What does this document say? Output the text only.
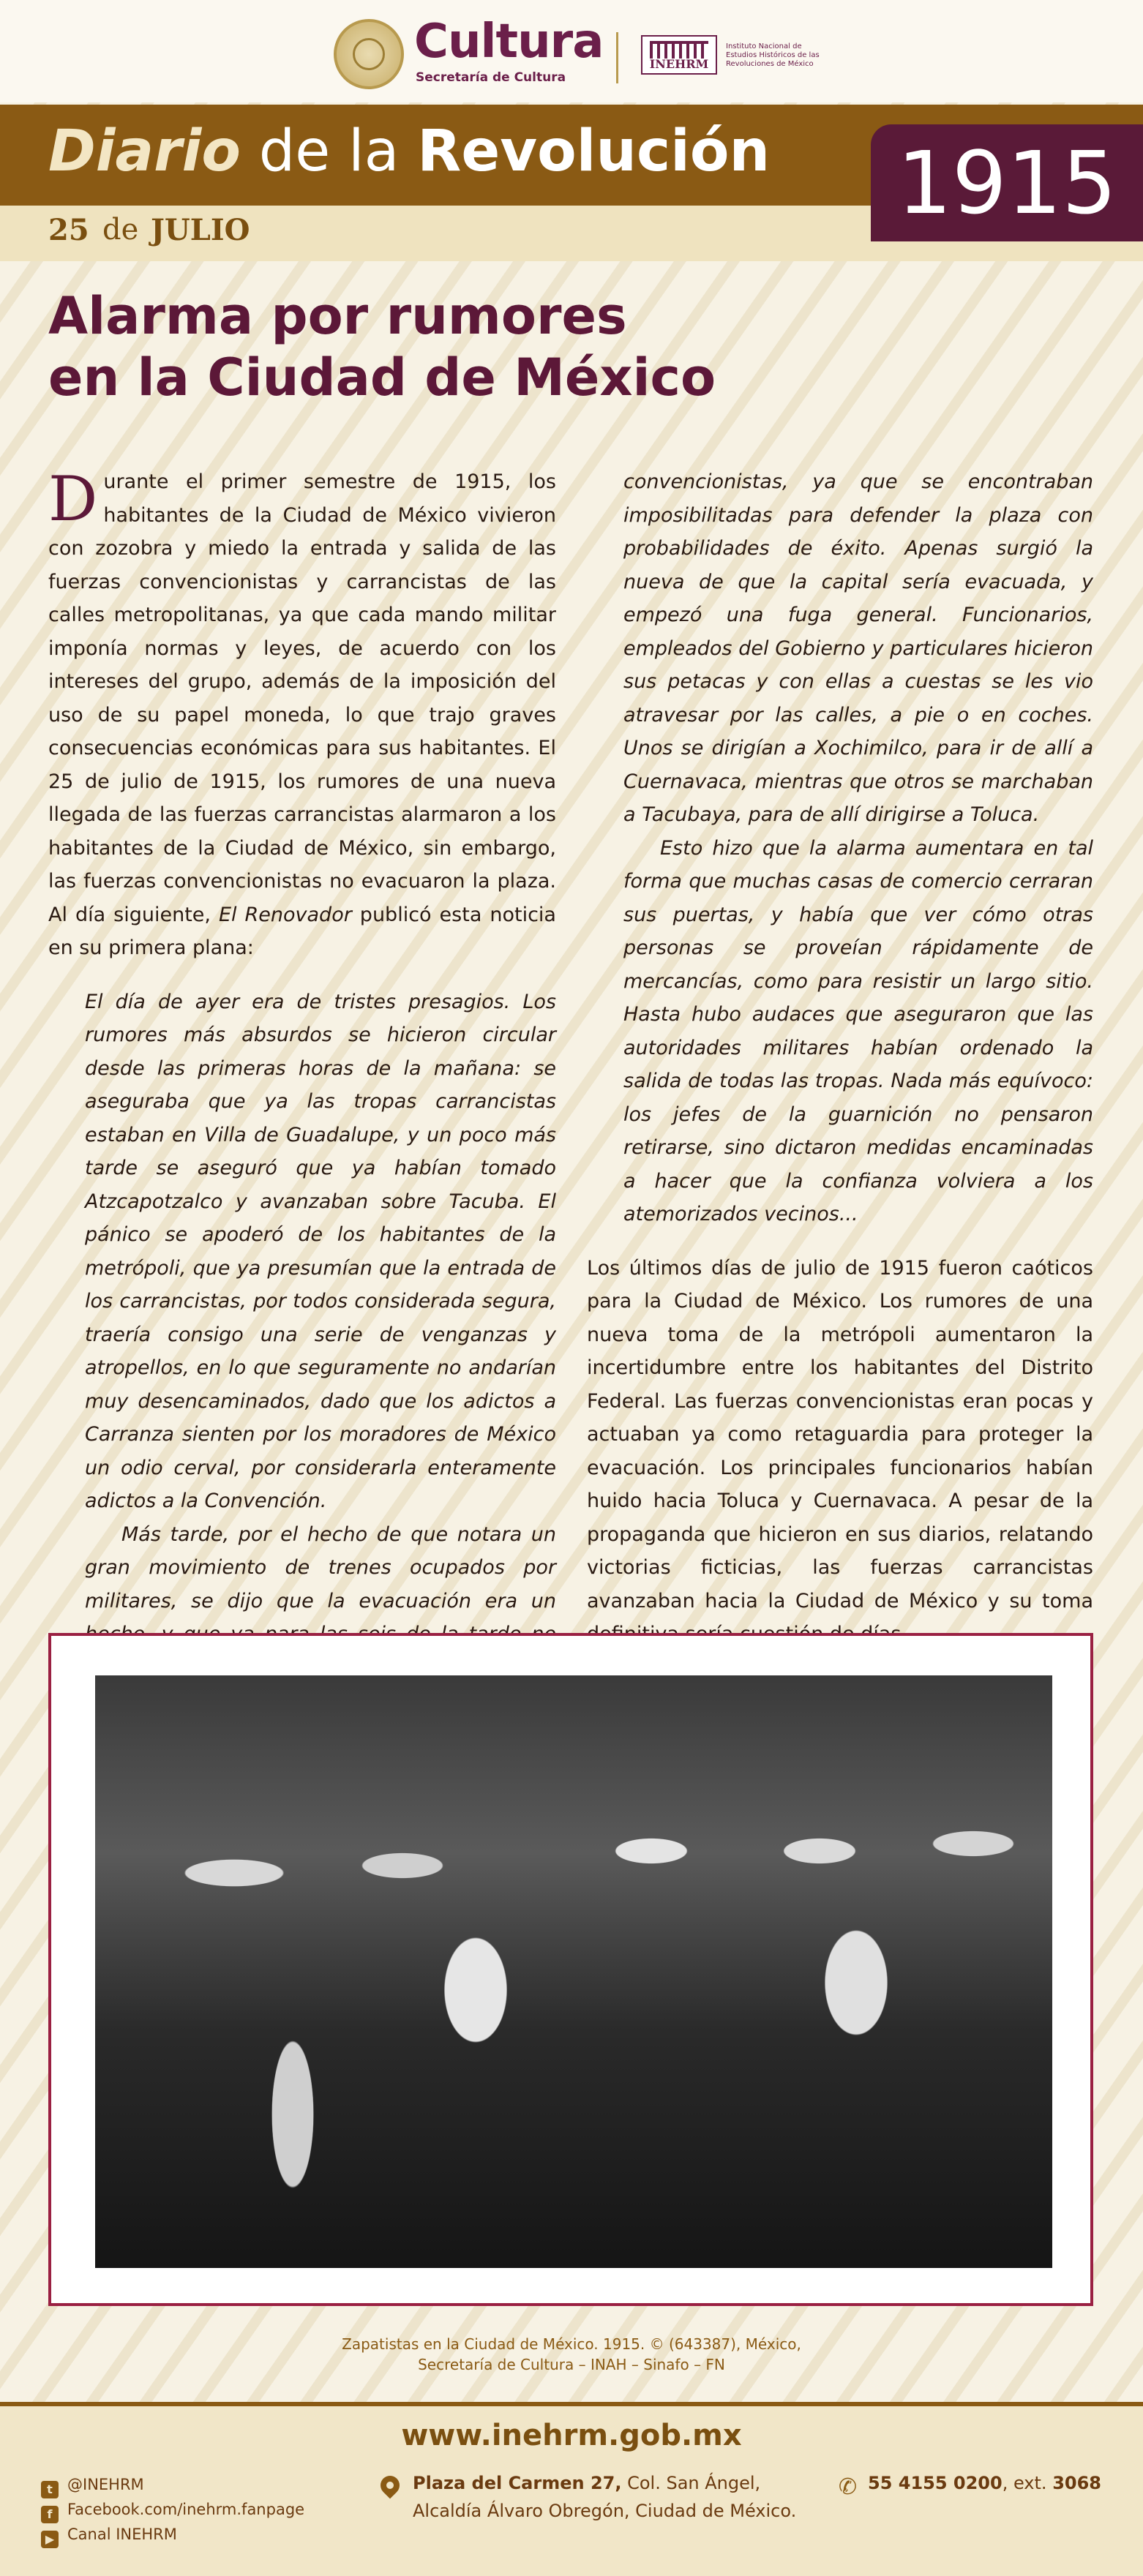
Cultura
Secretaría de Cultura
INEHRM
Instituto Nacional de Estudios Históricos de las Revoluciones de México
Diario de la Revolución
25 de JULIO	1915
Alarma por rumores
en la Ciudad de México

Durante el primer semestre de 1915, los habitantes de la Ciudad de México vivieron con zozobra y miedo la entrada y salida de las fuerzas convencionistas y carrancistas de las calles metropolitanas, ya que cada mando militar imponía normas y leyes, de acuerdo con los intereses del grupo, además de la imposición del uso de su papel moneda, lo que trajo graves consecuencias económicas para sus habitantes. El 25 de julio de 1915, los rumores de una nueva llegada de las fuerzas carrancistas alarmaron a los habitantes de la Ciudad de México, sin embargo, las fuerzas convencionistas no evacuaron la plaza. Al día siguiente, El Renovador publicó esta noticia en su primera plana:

El día de ayer era de tristes presagios. Los rumores más absurdos se hicieron circular desde las primeras horas de la mañana: se aseguraba que ya las tropas carrancistas estaban en Villa de Guadalupe, y un poco más tarde se aseguró que ya habían tomado Atzcapotzalco y avanzaban sobre Tacuba. El pánico se apoderó de los habitantes de la metrópoli, que ya presumían que la entrada de los carrancistas, por todos considerada segura, traería consigo una serie de venganzas y atropellos, en lo que seguramente no andarían muy desencaminados, dado que los adictos a Carranza sienten por los moradores de México un odio cerval, por considerarla enteramente adictos a la Convención.

Más tarde, por el hecho de que notara un gran movimiento de trenes ocupados por militares, se dijo que la evacuación era un

convencionistas, ya que se encontraban imposibilitadas para defender la plaza con probabilidades de éxito. Apenas surgió la nueva de que la capital sería evacuada, y empezó una fuga general. Funcionarios, empleados del Gobierno y particulares hicieron sus petacas y con ellas a cuestas se les vio atravesar por las calles, a pie o en coches. Unos se dirigían a Xochimilco, para ir de allí a Cuernavaca, mientras que otros se marchaban a Tacubaya, para de allí dirigirse a Toluca.

Esto hizo que la alarma aumentara en tal forma que muchas casas de comercio cerraran sus puertas, y había que ver cómo otras personas se proveían rápidamente de mercancías, como para resistir un largo sitio. Hasta hubo audaces que aseguraron que las autoridades militares habían ordenado la salida de todas las tropas. Nada más equívoco: los jefes de la guarnición no pensaron retirarse, sino dictaron medidas encaminadas a hacer que la confianza volviera a los atemorizados vecinos...

Los últimos días de julio de 1915 fueron caóticos para la Ciudad de México. Los rumores de una nueva toma de la metrópoli aumentaron la incertidumbre entre los habitantes del Distrito Federal. Las fuerzas convencionistas eran pocas y actuaban ya como retaguardia para proteger la evacuación. Los principales funcionarios habían huido hacia Toluca y Cuernavaca. A pesar de la propaganda que hicieron en sus diarios, relatando victorias ficticias, las fuerzas carrancistas avanzaban hacia la Ciudad de México y su toma

Zapatistas en la Ciudad de México. 1915. © (643387), México,
Secretaría de Cultura – INAH – Sinafo – FN
www.inehrm.gob.mx
t @INEHRM
f Facebook.com/inehrm.fanpage
▶ Canal INEHRM
Plaza del Carmen 27, Col. San Ángel,
Alcaldía Álvaro Obregón, Ciudad de México.
✆ 55 4155 0200, ext. 3068
